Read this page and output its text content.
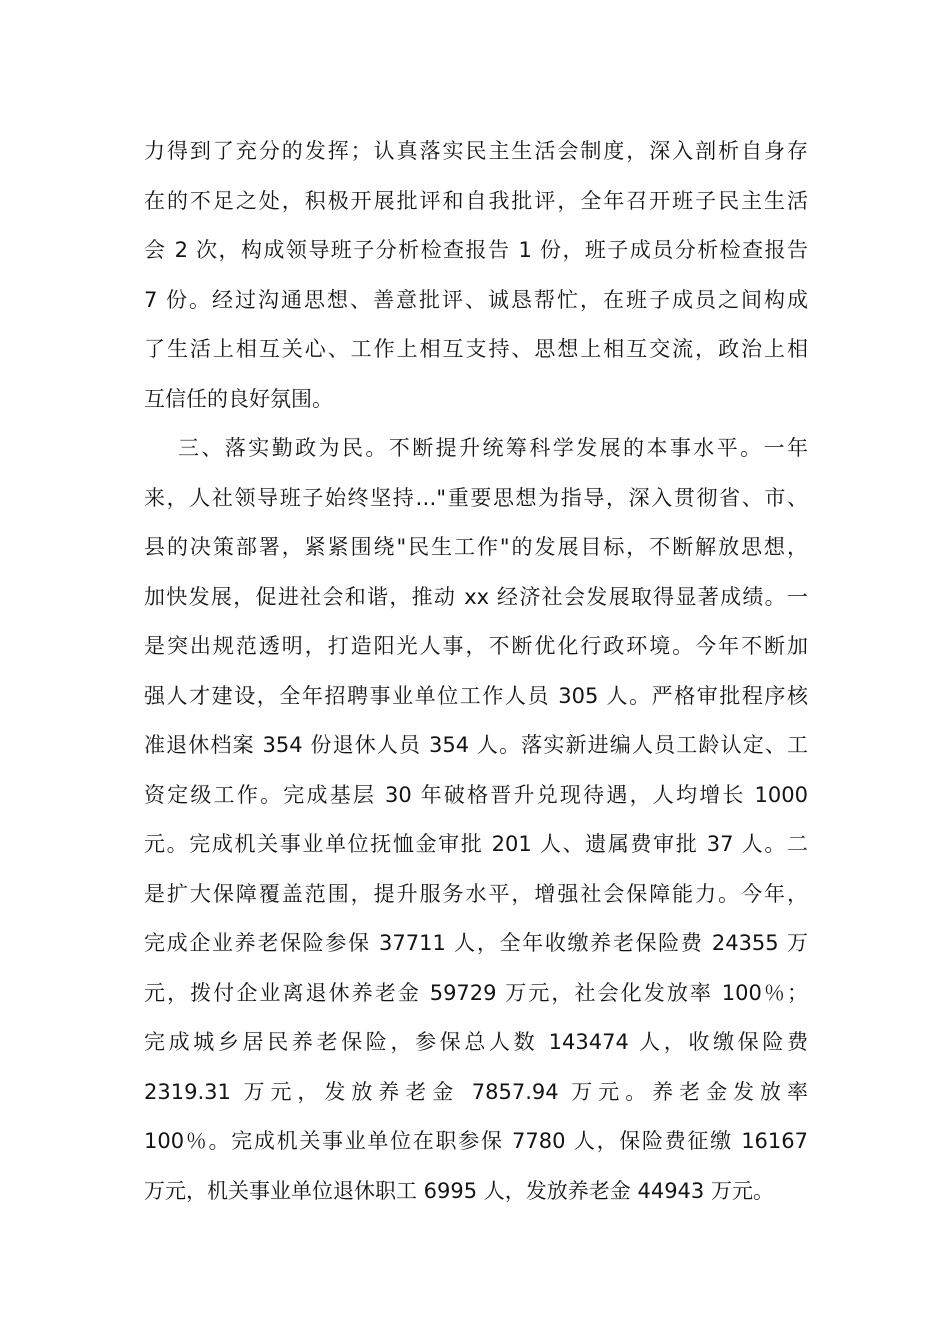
力得到了充分的发挥；认真落实民主生活会制度，深入剖析自身存
在的不足之处，积极开展批评和自我批评，全年召开班子民主生活
会 2 次，构成领导班子分析检查报告 1 份，班子成员分析检查报告
7 份。经过沟通思想、善意批评、诚恳帮忙，在班子成员之间构成
了生活上相互关心、工作上相互支持、思想上相互交流，政治上相
互信任的良好氛围。
三、落实勤政为民。不断提升统筹科学发展的本事水平。一年
来，人社领导班子始终坚持…"重要思想为指导，深入贯彻省、市、
县的决策部署，紧紧围绕"民生工作"的发展目标，不断解放思想，
加快发展，促进社会和谐，推动 xx 经济社会发展取得显著成绩。一
是突出规范透明，打造阳光人事，不断优化行政环境。今年不断加
强人才建设，全年招聘事业单位工作人员 305 人。严格审批程序核
准退休档案 354 份退休人员 354 人。落实新进编人员工龄认定、工
资定级工作。完成基层 30 年破格晋升兑现待遇，人均增长 1000
元。完成机关事业单位抚恤金审批 201 人、遗属费审批 37 人。二
是扩大保障覆盖范围，提升服务水平，增强社会保障能力。今年，
完成企业养老保险参保 37711 人，全年收缴养老保险费 24355 万
元，拨付企业离退休养老金 59729 万元，社会化发放率 100％；
完成城乡居民养老保险，参保总人数 143474 人，收缴保险费
2319.31 万元，发放养老金 7857.94 万元。养老金发放率
100％。完成机关事业单位在职参保 7780 人，保险费征缴 16167
万元，机关事业单位退休职工 6995 人，发放养老金 44943 万元。
